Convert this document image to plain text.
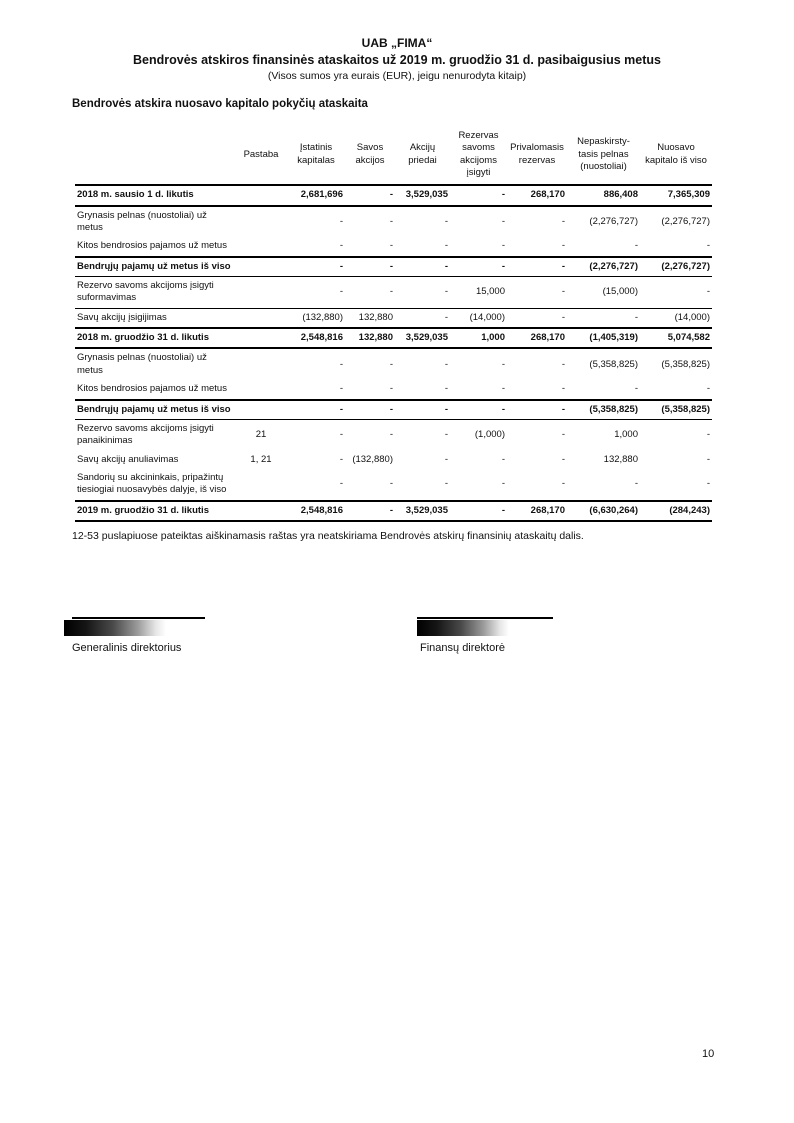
UAB „FIMA“
Bendrovės atskiros finansinės ataskaitos už 2019 m. gruodžio 31 d. pasibaigusius metus
(Visos sumos yra eurais (EUR), jeigu nenurodyta kitaip)
Bendrovės atskira nuosavo kapitalo pokyčių ataskaita
	Pastaba	Įstatinis kapitalas	Savos akcijos	Akcijų priedai	Rezervas savoms akcijoms įsigyti	Privalomasis rezervas	Nepaskirsty-tasis pelnas (nuostoliai)	Nuosavo kapitalo iš viso
2018 m. sausio 1 d. likutis		2,681,696	-	3,529,035	-	268,170	886,408	7,365,309
Grynasis pelnas (nuostoliai) už metus		-	-	-	-	-	(2,276,727)	(2,276,727)
Kitos bendrosios pajamos už metus		-	-	-	-	-	-	-
Bendrųjų pajamų už metus iš viso		-	-	-	-	-	(2,276,727)	(2,276,727)
Rezervo savoms akcijoms įsigyti suformavimas		-	-	-	15,000	-	(15,000)	-
Savų akcijų įsigijimas		(132,880)	132,880	-	(14,000)	-	-	(14,000)
2018 m. gruodžio 31 d. likutis		2,548,816	132,880	3,529,035	1,000	268,170	(1,405,319)	5,074,582
Grynasis pelnas (nuostoliai) už metus		-	-	-	-	-	(5,358,825)	(5,358,825)
Kitos bendrosios pajamos už metus		-	-	-	-	-	-	-
Bendrųjų pajamų už metus iš viso		-	-	-	-	-	(5,358,825)	(5,358,825)
Rezervo savoms akcijoms įsigyti panaikinimas	21	-	-	-	(1,000)	-	1,000	-
Savų akcijų anuliavimas	1, 21	-	(132,880)	-	-	-	132,880	-
Sandorių su akcininkais, pripažintų tiesiogiai nuosavybės dalyje, iš viso		-	-	-	-	-	-	-
2019 m. gruodžio 31 d. likutis		2,548,816	-	3,529,035	-	268,170	(6,630,264)	(284,243)

12-53 puslapiuose pateiktas aiškinamasis raštas yra neatskiriama Bendrovės atskirų finansinių ataskaitų dalis.

Generalinis direktorius	Finansų direktorė
10
